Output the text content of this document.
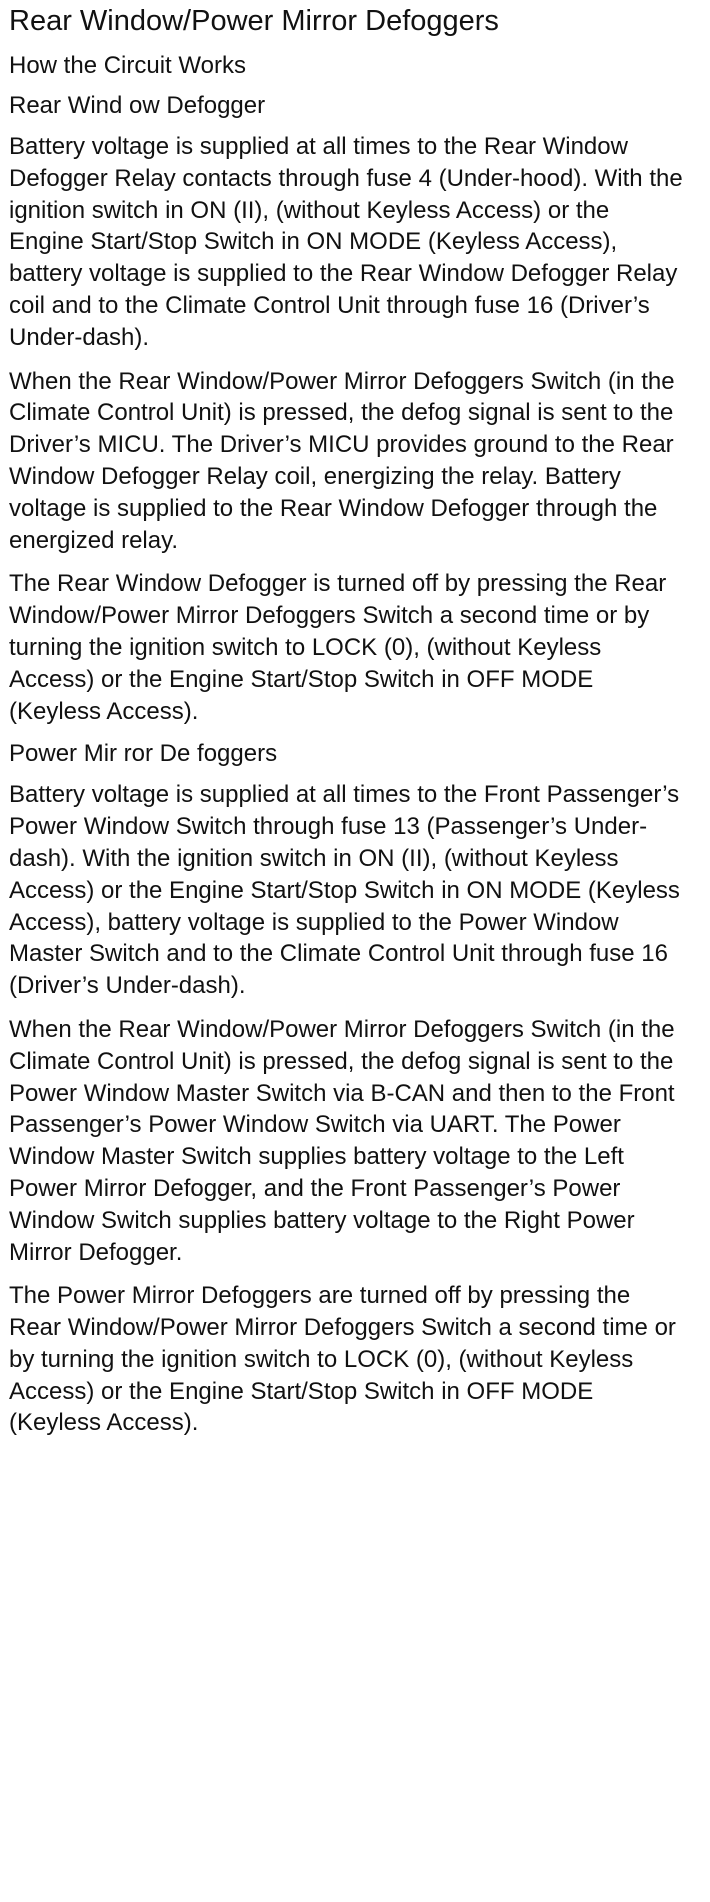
Rear Window/Power Mirror Defoggers
How the Circuit Works
Rear Wind ow Defogger

Battery voltage is supplied at all times to the Rear Window Defogger Relay contacts through fuse 4 (Under-hood). With the ignition switch in ON (II), (without Keyless Access) or the Engine Start/Stop Switch in ON MODE (Keyless Access), battery voltage is supplied to the Rear Window Defogger Relay coil and to the Climate Control Unit through fuse 16 (Driver’s Under-dash).

When the Rear Window/Power Mirror Defoggers Switch (in the Climate Control Unit) is pressed, the defog signal is sent to the Driver’s MICU. The Driver’s MICU provides ground to the Rear Window Defogger Relay coil, energizing the relay. Battery voltage is supplied to the Rear Window Defogger through the energized relay.

The Rear Window Defogger is turned off by pressing the Rear Window/Power Mirror Defoggers Switch a second time or by turning the ignition switch to LOCK (0), (without Keyless Access) or the Engine Start/Stop Switch in OFF MODE (Keyless Access).

Power Mir ror De foggers

Battery voltage is supplied at all times to the Front Passenger’s Power Window Switch through fuse 13 (Passenger’s Under-dash). With the ignition switch in ON (II), (without Keyless Access) or the Engine Start/Stop Switch in ON MODE (Keyless Access), battery voltage is supplied to the Power Window Master Switch and to the Climate Control Unit through fuse 16 (Driver’s Under-dash).

When the Rear Window/Power Mirror Defoggers Switch (in the Climate Control Unit) is pressed, the defog signal is sent to the Power Window Master Switch via B-CAN and then to the Front Passenger’s Power Window Switch via UART. The Power Window Master Switch supplies battery voltage to the Left Power Mirror Defogger, and the Front Passenger’s Power Window Switch supplies battery voltage to the Right Power Mirror Defogger.

The Power Mirror Defoggers are turned off by pressing the Rear Window/Power Mirror Defoggers Switch a second time or by turning the ignition switch to LOCK (0), (without Keyless Access) or the Engine Start/Stop Switch in OFF MODE (Keyless Access).
